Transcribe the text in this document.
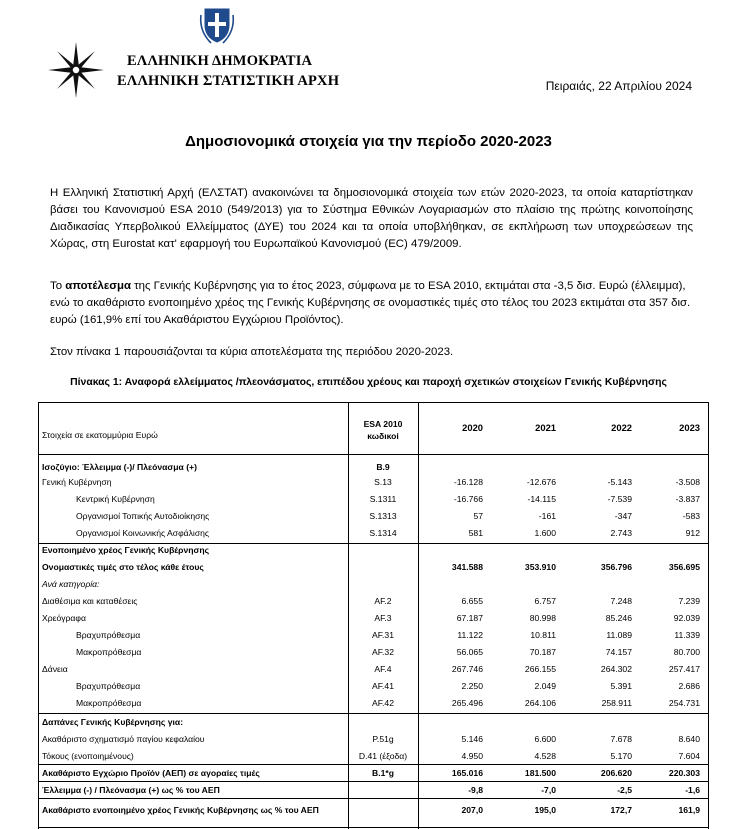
ΕΛΛΗΝΙΚΗ ΔΗΜΟΚΡΑΤΙΑ
ΕΛΛΗΝΙΚΗ ΣΤΑΤΙΣΤΙΚΗ ΑΡΧΗ	Πειραιάς, 22 Απριλίου 2024
Δημοσιονομικά στοιχεία για την περίοδο 2020-2023
Η Ελληνική Στατιστική Αρχή (ΕΛΣΤΑΤ) ανακοινώνει τα δημοσιονομικά στοιχεία των ετών 2020-2023, τα οποία καταρτίστηκαν βάσει του Κανονισμού ESA 2010 (549/2013) για το Σύστημα Εθνικών Λογαριασμών στο πλαίσιο της πρώτης κοινοποίησης Διαδικασίας Υπερβολικού Ελλείμματος (ΔΥΕ) του 2024 και τα οποία υποβλήθηκαν, σε εκπλήρωση των υποχρεώσεων της Χώρας, στη Eurostat κατ' εφαρμογή του Ευρωπαϊκού Κανονισμού (EC) 479/2009.
Το αποτέλεσμα της Γενικής Κυβέρνησης για το έτος 2023, σύμφωνα με το ESA 2010, εκτιμάται στα -3,5 δισ. Ευρώ (έλλειμμα), ενώ το ακαθάριστο ενοποιημένο χρέος της Γενικής Κυβέρνησης σε ονομαστικές τιμές στο τέλος του 2023 εκτιμάται στα 357 δισ. ευρώ (161,9% επί του Ακαθάριστου Εγχώριου Προϊόντος).
Στον πίνακα 1 παρουσιάζονται τα κύρια αποτελέσματα της περιόδου 2020-2023.
Πίνακας 1: Αναφορά ελλείμματος /πλεονάσματος, επιπέδου χρέους και παροχή σχετικών στοιχείων Γενικής Κυβέρνησης
Στοιχεία σε εκατομμύρια Ευρώ
ESA 2010
κωδικοί
2020	2021	2022	2023
Ισοζύγιο: Έλλειμμα (-)/ Πλεόνασμα (+)	B.9
Γενική Κυβέρνηση	S.13	-16.128	-12.676	-5.143	-3.508
Κεντρική Κυβέρνηση	S.1311	-16.766	-14.115	-7.539	-3.837
Οργανισμοί Τοπικής Αυτοδιοίκησης	S.1313	57	-161	-347	-583
Οργανισμοί Κοινωνικής Ασφάλισης	S.1314	581	1.600	2.743	912
Ενοποιημένο χρέος Γενικής Κυβέρνησης
Ονομαστικές τιμές στο τέλος κάθε έτους	341.588	353.910	356.796	356.695
Ανά κατηγορία:
Διαθέσιμα και καταθέσεις	AF.2	6.655	6.757	7.248	7.239
Χρεόγραφα	AF.3	67.187	80.998	85.246	92.039
Βραχυπρόθεσμα	AF.31	11.122	10.811	11.089	11.339
Μακροπρόθεσμα	AF.32	56.065	70.187	74.157	80.700
Δάνεια	AF.4	267.746	266.155	264.302	257.417
Βραχυπρόθεσμα	AF.41	2.250	2.049	5.391	2.686
Μακροπρόθεσμα	AF.42	265.496	264.106	258.911	254.731
Δαπάνες Γενικής Κυβέρνησης για:
Ακαθάριστο σχηματισμό παγίου κεφαλαίου	P.51g	5.146	6.600	7.678	8.640
Τόκους (ενοποιημένους)	D.41 (έξοδα)	4.950	4.528	5.170	7.604
Ακαθάριστο Εγχώριο Προϊόν (ΑΕΠ) σε αγοραίες τιμές	B.1*g	165.016	181.500	206.620	220.303
Έλλειμμα (-) / Πλεόνασμα (+) ως % του ΑΕΠ	-9,8	-7,0	-2,5	-1,6
Ακαθάριστο ενοποιημένο χρέος Γενικής Κυβέρνησης ως % του ΑΕΠ	207,0	195,0	172,7	161,9
